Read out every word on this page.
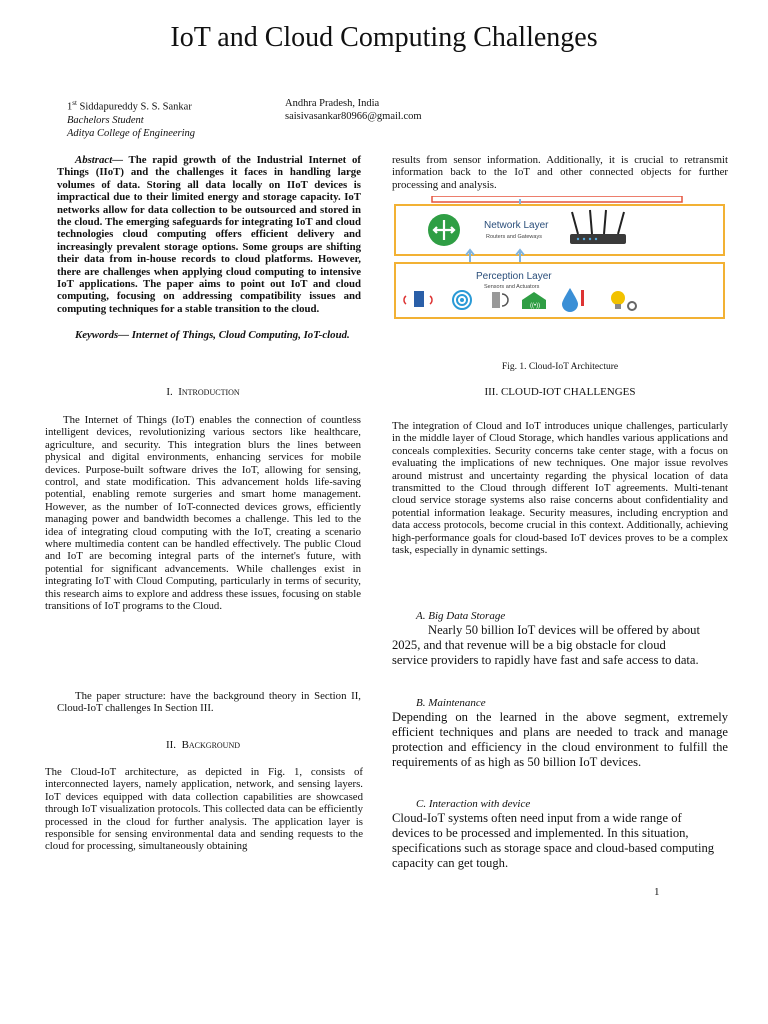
IoT and Cloud Computing Challenges
1st Siddapureddy S. S. Sankar
Bachelors Student
Aditya College of Engineering
Andhra Pradesh, India
saisivasankar80966@gmail.com

Abstract— The rapid growth of the Industrial Internet of Things (IIoT) and the challenges it faces in handling large volumes of data. Storing all data locally on IIoT devices is impractical due to their limited energy and storage capacity. IoT networks allow for data collection to be outsourced and stored in the cloud. The emerging safeguards for integrating IoT and cloud technologies cloud computing offers efficient delivery and increasingly prevalent storage options. Some groups are shifting their data from in-house records to cloud platforms. However, there are challenges when applying cloud computing to intensive IoT applications. The paper aims to point out IoT and cloud computing, focusing on addressing compatibility issues and computing techniques for a stable transition to the cloud.

Keywords— Internet of Things, Cloud Computing, IoT-cloud.

I. Introduction

The Internet of Things (IoT) enables the connection of countless intelligent devices, revolutionizing various sectors like healthcare, agriculture, and security. This integration blurs the lines between physical and digital environments, enhancing services for mobile devices. Purpose-built software drives the IoT, allowing for sensing, control, and state modification. This advancement holds life-saving potential, enabling remote surgeries and smart home management. However, as the number of IoT-connected devices grows, efficiently managing power and bandwidth becomes a challenge. This led to the idea of integrating cloud computing with the IoT, creating a scenario where multimedia content can be handled effectively. The public Cloud and IoT are becoming integral parts of the internet's future, with potential for significant advancements. While challenges exist in integrating IoT with Cloud Computing, particularly in terms of security, this research aims to explore and address these issues, focusing on stable transitions of IoT programs to the Cloud.

The paper structure: have the background theory in Section II, Cloud-IoT challenges In Section III.

II. Background

The Cloud-IoT architecture, as depicted in Fig. 1, consists of interconnected layers, namely application, network, and sensing layers. IoT devices equipped with data collection capabilities are showcased through IoT visualization protocols. This collected data can be efficiently processed in the cloud for further analysis. The application layer is responsible for sensing environmental data and sending requests to the cloud for processing, simultaneously obtaining

results from sensor information. Additionally, it is crucial to retransmit information back to the IoT and other connected objects for further processing and analysis.

Network Layer
Routers and Gateways
Perception Layer
Sensors and Actuators
((•))
Fig. 1. Cloud-IoT Architecture
III. CLOUD-IOT CHALLENGES

The integration of Cloud and IoT introduces unique challenges, particularly in the middle layer of Cloud Storage, which handles various applications and conceals complexities. Security concerns take center stage, with a focus on evaluating the implications of new techniques. One major issue revolves around mistrust and uncertainty regarding the physical location of data transmitted to the Cloud through different IoT agreements. Multi-tenant cloud service storage systems also raise concerns about confidentiality and potential information leakage. Security measures, including encryption and data access protocols, become crucial in this context. Additionally, achieving high-performance goals for cloud-based IoT devices proves to be a complex task, especially in dynamic settings.

A. Big Data Storage

Nearly 50 billion IoT devices will be offered by about 2025, and that revenue will be a big obstacle for cloud service providers to rapidly have fast and safe access to data.

B. Maintenance

Depending on the learned in the above segment, extremely efficient techniques and plans are needed to track and manage protection and efficiency in the cloud environment to fulfill the requirements of as high as 50 billion IoT devices.

C. Interaction with device

Cloud-IoT systems often need input from a wide range of devices to be processed and implemented. In this situation, specifications such as storage space and cloud-based computing capacity can get tough.

1
